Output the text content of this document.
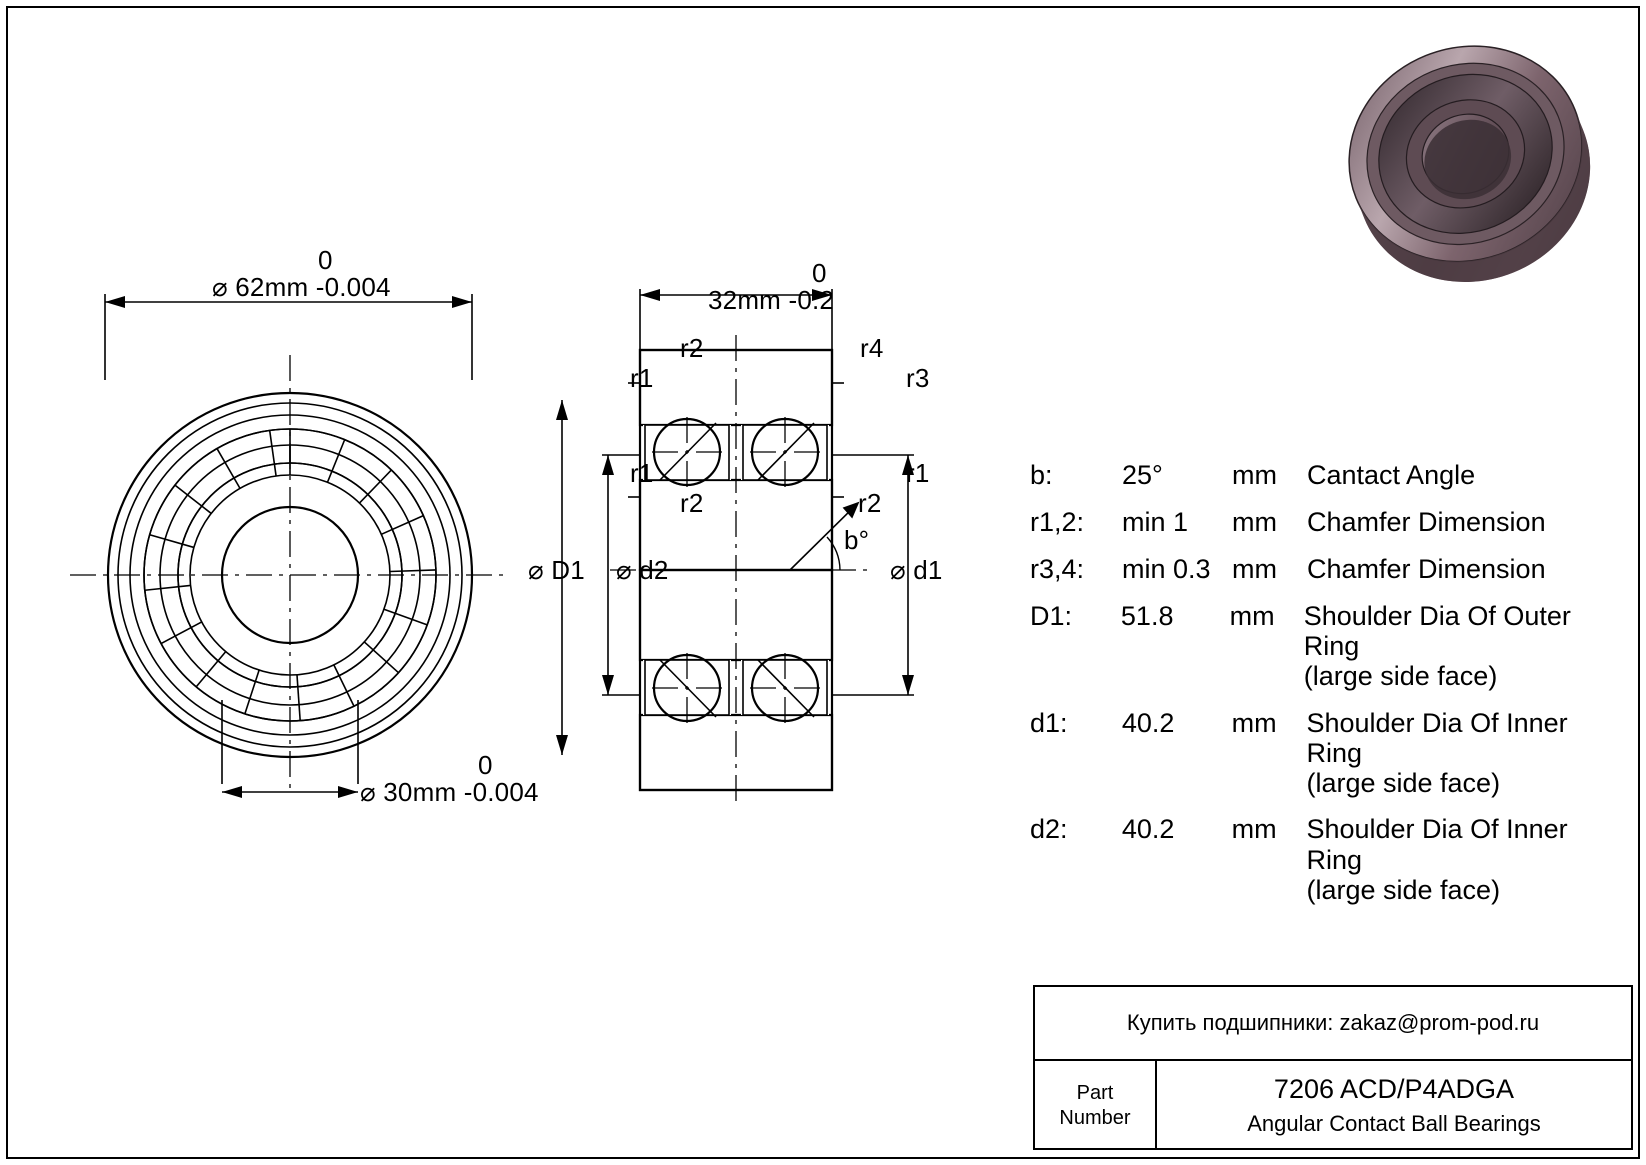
0
⌀ 62mm -0.004
0
⌀ 30mm -0.004
0
32mm -0.2
r2	r4
r1	r3
r1	r1
r2	r2
b°
⌀ D1 ⌀ d2	⌀ d1
b:	25°	mm	Cantact Angle
r1,2:	min 1	mm	Chamfer Dimension
r3,4:	min 0.3 mm	Chamfer Dimension
D1:	51.8	mm	Shoulder Dia Of Outer Ring
(large side face)
d1:	40.2	mm	Shoulder Dia Of Inner Ring
(large side face)
d2:	40.2	mm	Shoulder Dia Of Inner Ring
(large side face)
Купить подшипники: zakaz@prom-pod.ru
Part
Number
7206 ACD/P4ADGA
Angular Contact Ball Bearings
